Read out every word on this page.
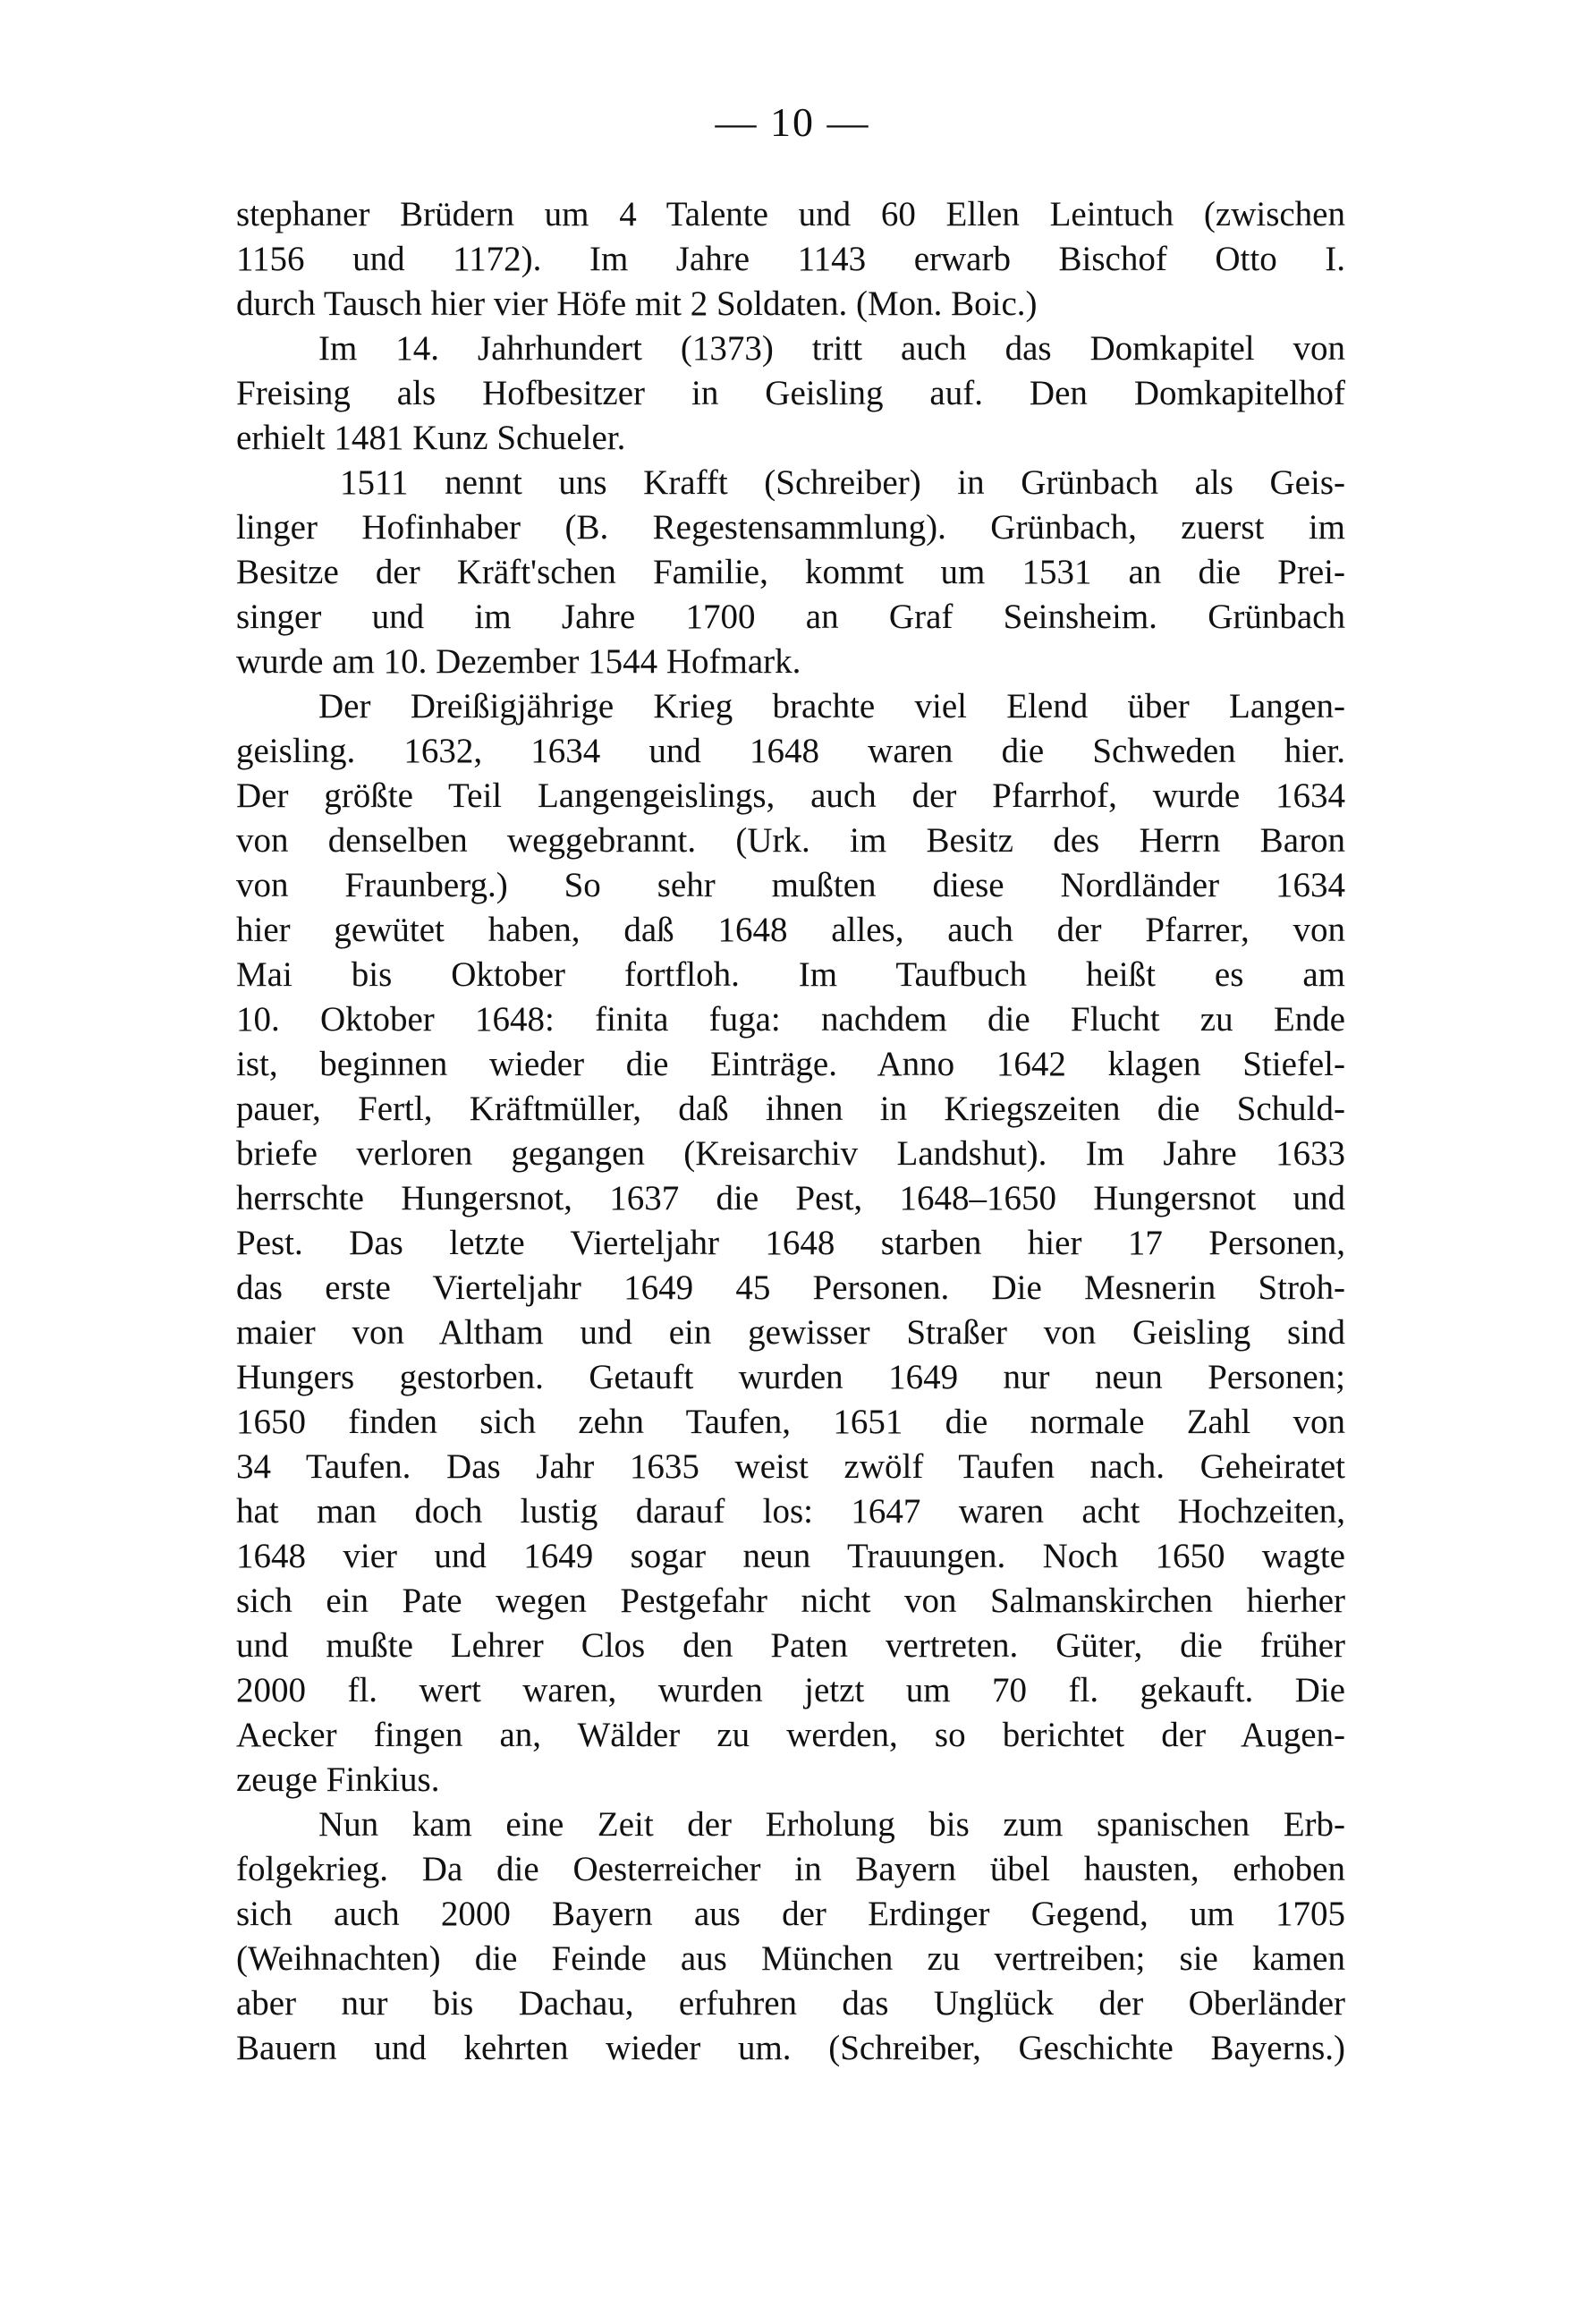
— 10 —
stephaner Brüdern um 4 Talente und 60 Ellen Leintuch (zwischen
1156 und 1172). Im Jahre 1143 erwarb Bischof Otto I.
durch Tausch hier vier Höfe mit 2 Soldaten. (Mon. Boic.)
Im 14. Jahrhundert (1373) tritt auch das Domkapitel von
Freising als Hofbesitzer in Geisling auf. Den Domkapitelhof
erhielt 1481 Kunz Schueler.
1511 nennt uns Krafft (Schreiber) in Grünbach als Geis-
linger Hofinhaber (B. Regestensammlung). Grünbach, zuerst im
Besitze der Kräft'schen Familie, kommt um 1531 an die Prei-
singer und im Jahre 1700 an Graf Seinsheim. Grünbach
wurde am 10. Dezember 1544 Hofmark.
Der Dreißigjährige Krieg brachte viel Elend über Langen-
geisling. 1632, 1634 und 1648 waren die Schweden hier.
Der größte Teil Langengeislings, auch der Pfarrhof, wurde 1634
von denselben weggebrannt. (Urk. im Besitz des Herrn Baron
von Fraunberg.) So sehr mußten diese Nordländer 1634
hier gewütet haben, daß 1648 alles, auch der Pfarrer, von
Mai bis Oktober fortfloh. Im Taufbuch heißt es am
10. Oktober 1648: finita fuga: nachdem die Flucht zu Ende
ist, beginnen wieder die Einträge. Anno 1642 klagen Stiefel-
pauer, Fertl, Kräftmüller, daß ihnen in Kriegszeiten die Schuld-
briefe verloren gegangen (Kreisarchiv Landshut). Im Jahre 1633
herrschte Hungersnot, 1637 die Pest, 1648–1650 Hungersnot und
Pest. Das letzte Vierteljahr 1648 starben hier 17 Personen,
das erste Vierteljahr 1649 45 Personen. Die Mesnerin Stroh-
maier von Altham und ein gewisser Straßer von Geisling sind
Hungers gestorben. Getauft wurden 1649 nur neun Personen;
1650 finden sich zehn Taufen, 1651 die normale Zahl von
34 Taufen. Das Jahr 1635 weist zwölf Taufen nach. Geheiratet
hat man doch lustig darauf los: 1647 waren acht Hochzeiten,
1648 vier und 1649 sogar neun Trauungen. Noch 1650 wagte
sich ein Pate wegen Pestgefahr nicht von Salmanskirchen hierher
und mußte Lehrer Clos den Paten vertreten. Güter, die früher
2000 fl. wert waren, wurden jetzt um 70 fl. gekauft. Die
Aecker fingen an, Wälder zu werden, so berichtet der Augen-
zeuge Finkius.
Nun kam eine Zeit der Erholung bis zum spanischen Erb-
folgekrieg. Da die Oesterreicher in Bayern übel hausten, erhoben
sich auch 2000 Bayern aus der Erdinger Gegend, um 1705
(Weihnachten) die Feinde aus München zu vertreiben; sie kamen
aber nur bis Dachau, erfuhren das Unglück der Oberländer
Bauern und kehrten wieder um. (Schreiber, Geschichte Bayerns.)
